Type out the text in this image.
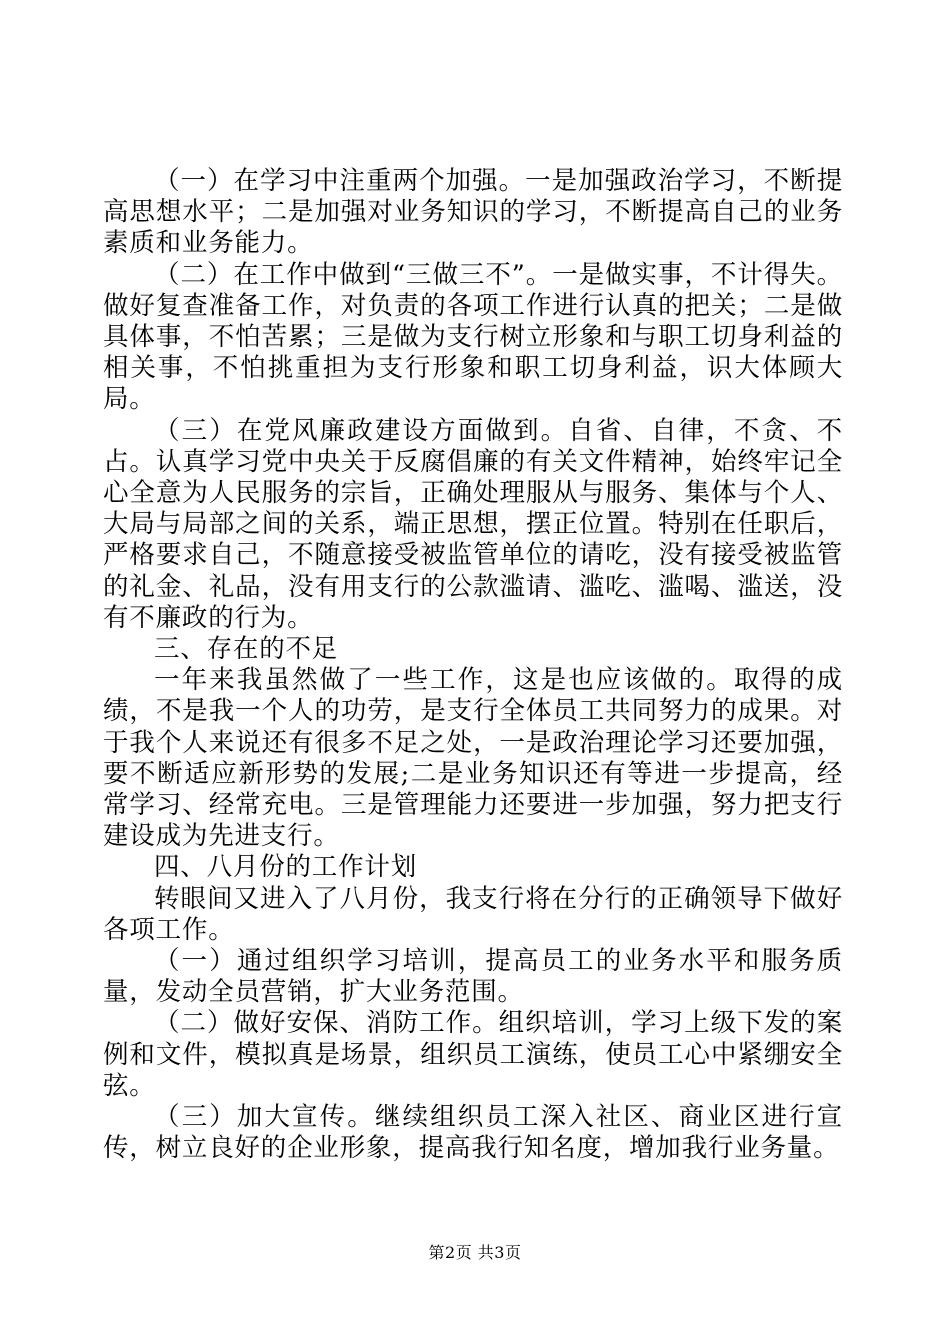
（一）在学习中注重两个加强。一是加强政治学习，不断提高思想水平；二是加强对业务知识的学习，不断提高自己的业务素质和业务能力。

（二）在工作中做到“三做三不”。一是做实事，不计得失。做好复查准备工作，对负责的各项工作进行认真的把关；二是做具体事，不怕苦累；三是做为支行树立形象和与职工切身利益的相关事，不怕挑重担为支行形象和职工切身利益，识大体顾大局。

（三）在党风廉政建设方面做到。自省、自律，不贪、不占。认真学习党中央关于反腐倡廉的有关文件精神，始终牢记全心全意为人民服务的宗旨，正确处理服从与服务、集体与个人、大局与局部之间的关系，端正思想，摆正位置。特别在任职后，严格要求自己，不随意接受被监管单位的请吃，没有接受被监管的礼金、礼品，没有用支行的公款滥请、滥吃、滥喝、滥送，没有不廉政的行为。

三、存在的不足

一年来我虽然做了一些工作，这是也应该做的。取得的成绩，不是我一个人的功劳，是支行全体员工共同努力的成果。对于我个人来说还有很多不足之处，一是政治理论学习还要加强，要不断适应新形势的发展;二是业务知识还有等进一步提高，经常学习、经常充电。三是管理能力还要进一步加强，努力把支行建设成为先进支行。

四、八月份的工作计划

转眼间又进入了八月份，我支行将在分行的正确领导下做好各项工作。

（一）通过组织学习培训，提高员工的业务水平和服务质量，发动全员营销，扩大业务范围。

（二）做好安保、消防工作。组织培训，学习上级下发的案例和文件，模拟真是场景，组织员工演练，使员工心中紧绷安全弦。

（三）加大宣传。继续组织员工深入社区、商业区进行宣传，树立良好的企业形象，提高我行知名度，增加我行业务量。

第2页 共3页
